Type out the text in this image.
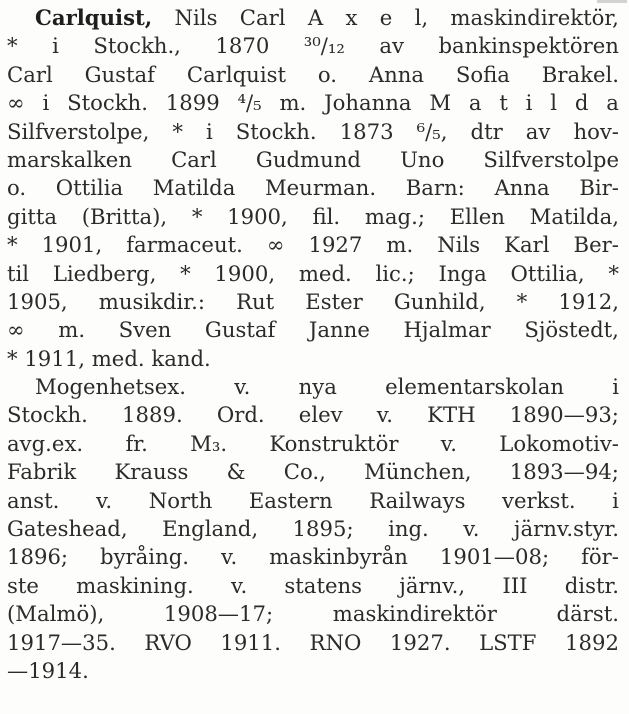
Carlquist, Nils Carl A x e l, maskindirektör,
* i Stockh., 1870 ³⁰/₁₂ av bankinspektören
Carl Gustaf Carlquist o. Anna Sofia Brakel.
∞ i Stockh. 1899 ⁴/₅ m. Johanna M a t i l d a
Silfverstolpe, * i Stockh. 1873 ⁶/₅, dtr av hov-
marskalken Carl Gudmund Uno Silfverstolpe
o. Ottilia Matilda Meurman. Barn: Anna Bir-
gitta (Britta), * 1900, fil. mag.; Ellen Matilda,
* 1901, farmaceut. ∞ 1927 m. Nils Karl Ber-
til Liedberg, * 1900, med. lic.; Inga Ottilia, *
1905, musikdir.: Rut Ester Gunhild, * 1912,
∞ m. Sven Gustaf Janne Hjalmar Sjöstedt,
* 1911, med. kand.
Mogenhetsex. v. nya elementarskolan i
Stockh. 1889. Ord. elev v. KTH 1890—93;
avg.ex. fr. M₃. Konstruktör v. Lokomotiv-
Fabrik Krauss & Co., München, 1893—94;
anst. v. North Eastern Railways verkst. i
Gateshead, England, 1895; ing. v. järnv.styr.
1896; byråing. v. maskinbyrån 1901—08; för-
ste maskining. v. statens järnv., III distr.
(Malmö),	1908—17;	maskindirektör	därst.
1917—35. RVO 1911. RNO 1927. LSTF 1892
—1914.
